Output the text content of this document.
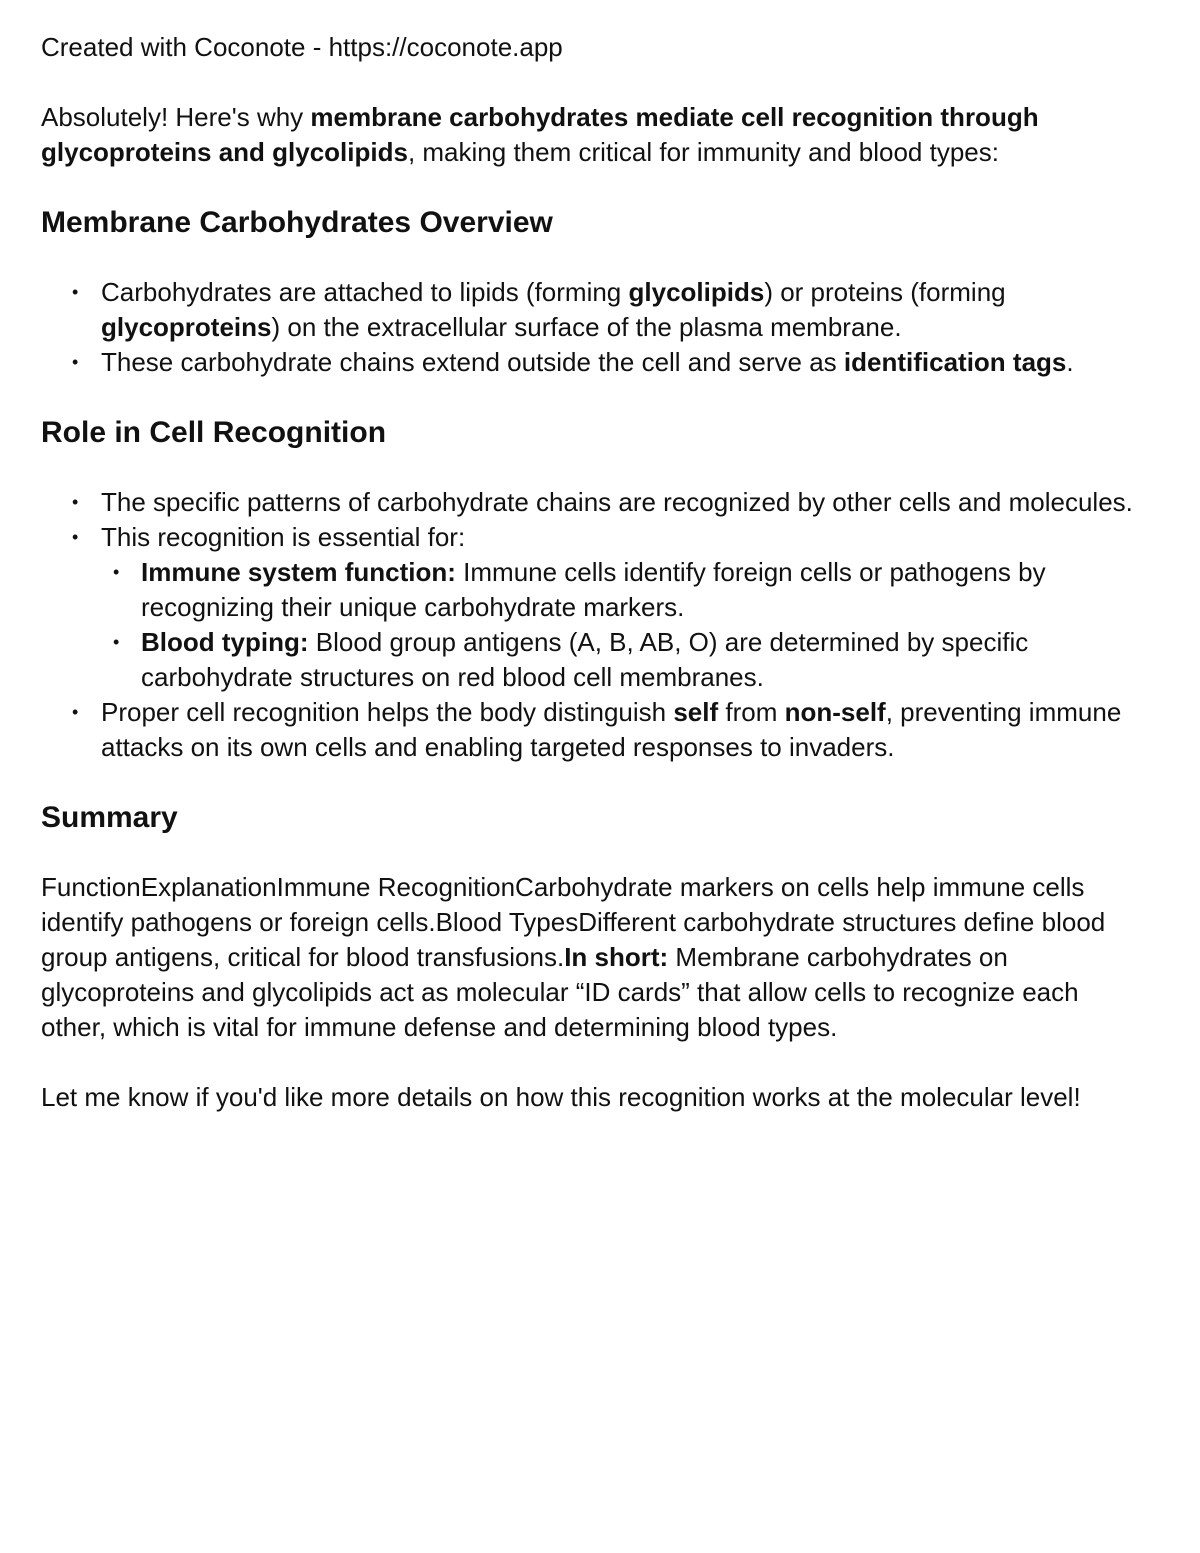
Created with Coconote - https://coconote.app

Absolutely! Here's why membrane carbohydrates mediate cell recognition through glycoproteins and glycolipids, making them critical for immunity and blood types:

Membrane Carbohydrates Overview
• Carbohydrates are attached to lipids (forming glycolipids) or proteins (forming glycoproteins) on the extracellular surface of the plasma membrane.
• These carbohydrate chains extend outside the cell and serve as identification tags.
Role in Cell Recognition
• The specific patterns of carbohydrate chains are recognized by other cells and molecules.
• This recognition is essential for:
• Immune system function: Immune cells identify foreign cells or pathogens by recognizing their unique carbohydrate markers.
• Blood typing: Blood group antigens (A, B, AB, O) are determined by specific carbohydrate structures on red blood cell membranes.
• Proper cell recognition helps the body distinguish self from non-self, preventing immune attacks on its own cells and enabling targeted responses to invaders.
Summary

FunctionExplanationImmune RecognitionCarbohydrate markers on cells help immune cells identify pathogens or foreign cells.Blood TypesDifferent carbohydrate structures define blood group antigens, critical for blood transfusions.In short: Membrane carbohydrates on glycoproteins and glycolipids act as molecular “ID cards” that allow cells to recognize each other, which is vital for immune defense and determining blood types.

Let me know if you'd like more details on how this recognition works at the molecular level!
